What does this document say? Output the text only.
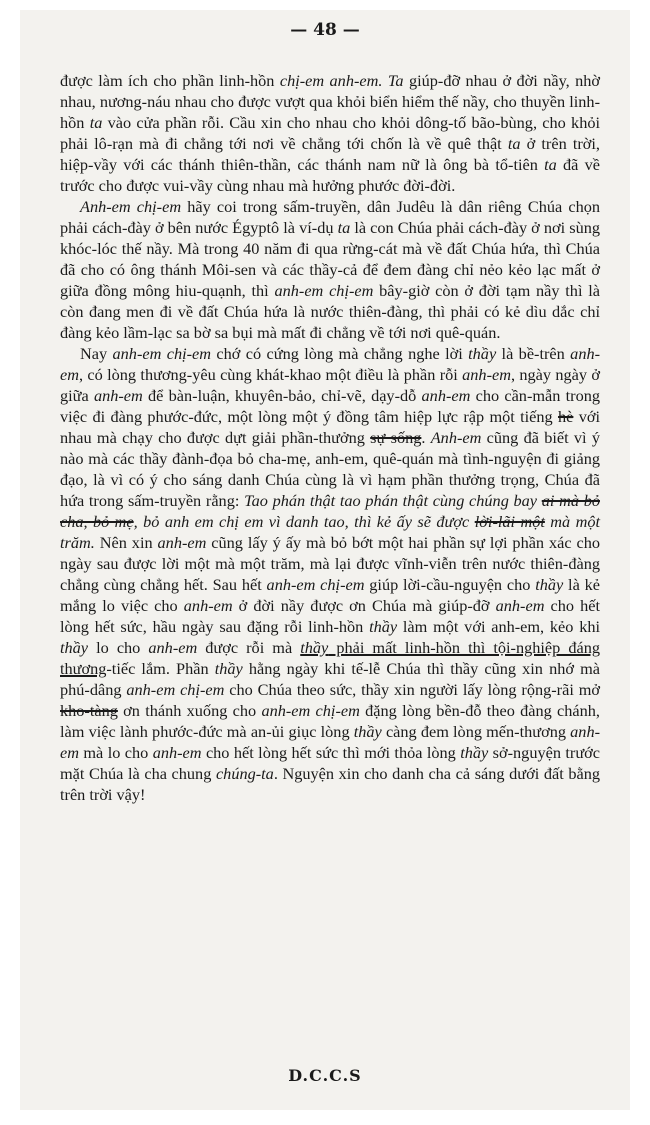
— 48 —

được làm ích cho phần linh-hồn chị-em anh-em. Ta giúp-đỡ nhau ở đời nầy, nhờ nhau, nương-náu nhau cho được vượt qua khỏi biển hiểm thế nầy, cho thuyền linh-hồn ta vào cửa phần rỗi. Cầu xin cho nhau cho khỏi dông-tố bão-bùng, cho khỏi phải lô-rạn mà đi chẳng tới nơi về chẳng tới chốn là về quê thật ta ở trên trời, hiệp-vầy với các thánh thiên-thần, các thánh nam nữ là ông bà tổ-tiên ta đã về trước cho được vui-vầy cùng nhau mà hưởng phước đời-đời.

Anh-em chị-em hãy coi trong sấm-truyền, dân Judêu là dân riêng Chúa chọn phải cách-đày ở bên nước Égyptô là ví-dụ ta là con Chúa phải cách-đày ở nơi sùng khóc-lóc thế nầy. Mà trong 40 năm đi qua rừng-cát mà về đất Chúa hứa, thì Chúa đã cho có ông thánh Môi-sen và các thầy-cả để đem đàng chỉ nẻo kẻo lạc mất ở giữa đồng mông hiu-quạnh, thì anh-em chị-em bây-giờ còn ở đời tạm nầy thì là còn đang men đi về đất Chúa hứa là nước thiên-đàng, thì phải có kẻ dìu dắc chỉ đàng kẻo lầm-lạc sa bờ sa bụi mà mất đi chẳng về tới nơi quê-quán.

Nay anh-em chị-em chớ có cứng lòng mà chẳng nghe lời thầy là bề-trên anh-em, có lòng thương-yêu cùng khát-khao một điều là phần rỗi anh-em, ngày ngày ở giữa anh-em để bàn-luận, khuyên-bảo, chỉ-vẽ, dạy-dỗ anh-em cho cần-mẫn trong việc đi đàng phước-đức, một lòng một ý đồng tâm hiệp lực rập một tiếng hè với nhau mà chạy cho được dựt giải phần-thưởng sự sống. Anh-em cũng đã biết vì ý nào mà các thầy đành-đọa bỏ cha-mẹ, anh-em, quê-quán mà tình-nguyện đi giảng đạo, là vì có ý cho sáng danh Chúa cùng là vì hạm phần thưởng trọng, Chúa đã hứa trong sấm-truyền rằng: Tao phán thật tao phán thật cùng chúng bay ai mà bỏ cha, bỏ mẹ, bỏ anh em chị em vì danh tao, thì kẻ ấy sẽ được lời-lãi một mà một trăm. Nên xin anh-em cũng lấy ý ấy mà bỏ bớt một hai phần sự lợi phần xác cho ngày sau được lời một mà một trăm, mà lại được vĩnh-viễn trên nước thiên-đàng chẳng cùng chẳng hết. Sau hết anh-em chị-em giúp lời-cầu-nguyện cho thầy là kẻ mắng lo việc cho anh-em ở đời nầy được ơn Chúa mà giúp-đỡ anh-em cho hết lòng hết sức, hầu ngày sau đặng rỗi linh-hồn thầy làm một với anh-em, kẻo khi thầy lo cho anh-em được rỗi mà thầy phải mất linh-hồn thì tội-nghiệp đáng thương-tiếc lắm. Phần thầy hằng ngày khi tế-lễ Chúa thì thầy cũng xin nhớ mà phú-dâng anh-em chị-em cho Chúa theo sức, thầy xin người lấy lòng rộng-rãi mở kho-tàng ơn thánh xuống cho anh-em chị-em đặng lòng bền-đỗ theo đàng chánh, làm việc lành phước-đức mà an-ủi giục lòng thầy càng đem lòng mến-thương anh-em mà lo cho anh-em cho hết lòng hết sức thì mới thỏa lòng thầy sở-nguyện trước mặt Chúa là cha chung chúng-ta. Nguyện xin cho danh cha cả sáng dưới đất bằng trên trời vậy!

D.C.C.S
